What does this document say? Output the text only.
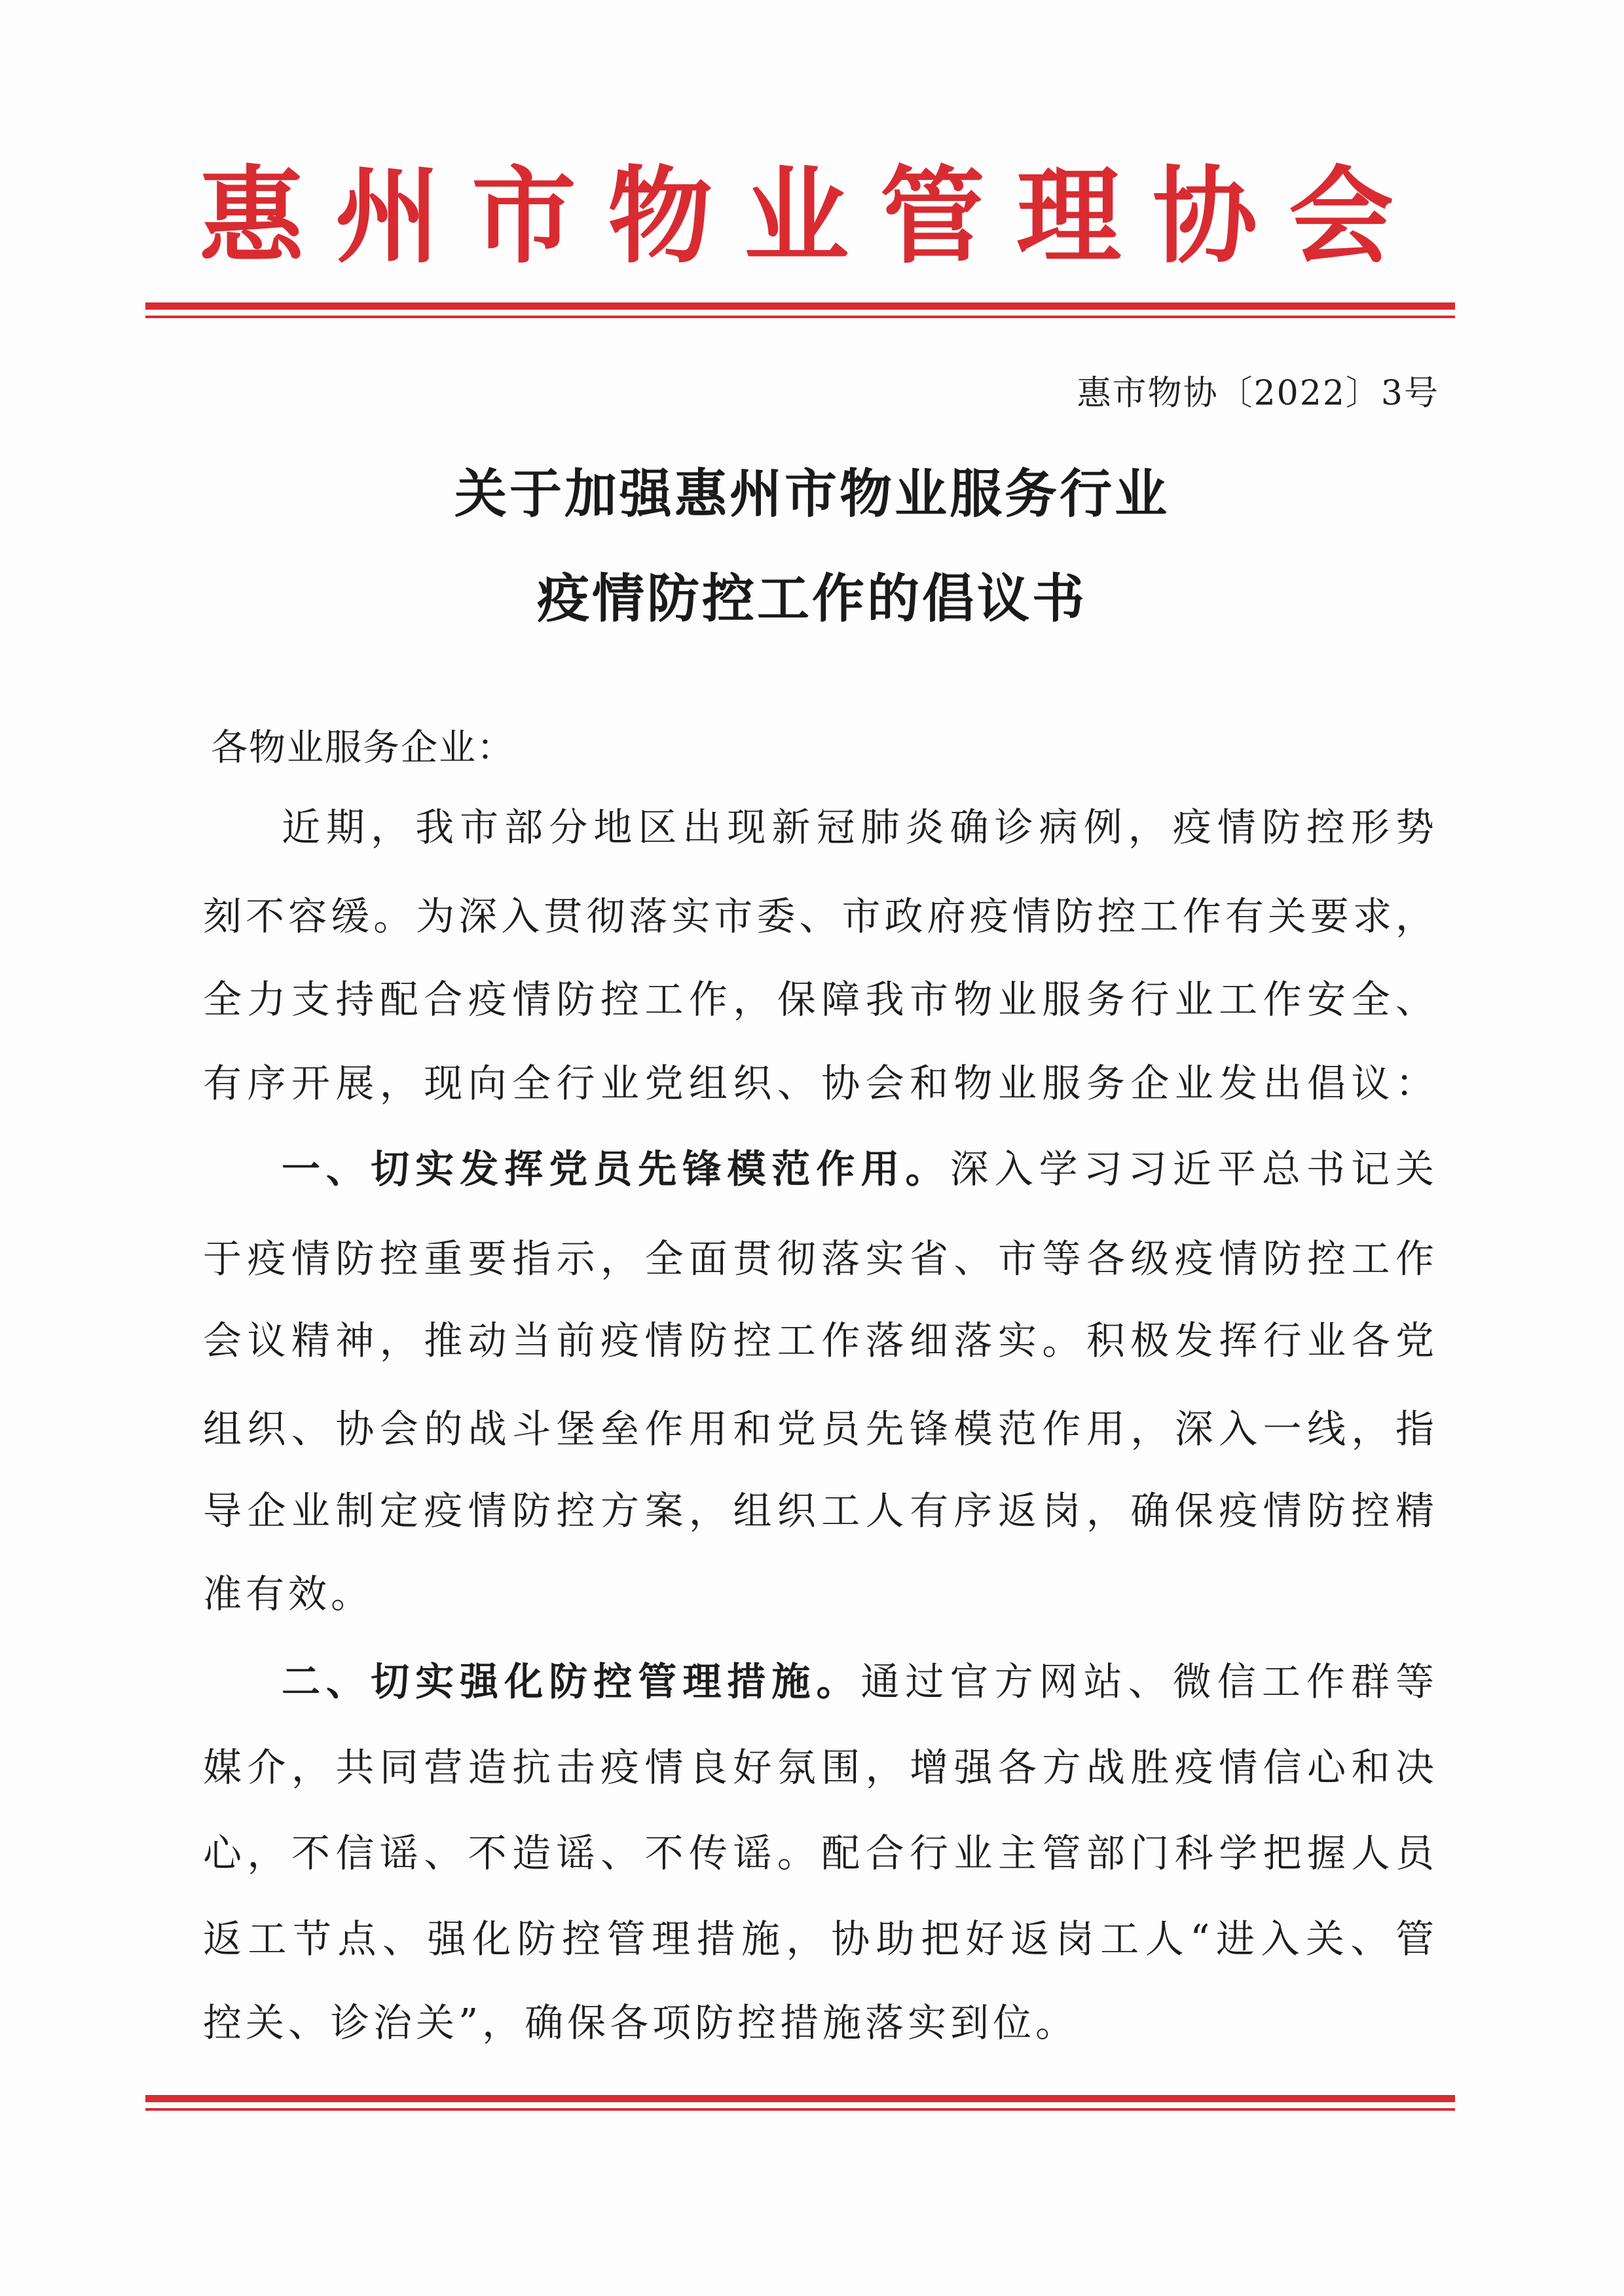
惠州市物业管理协会
惠市物协〔2022〕3号
关于加强惠州市物业服务行业
疫情防控工作的倡议书
各物业服务企业：
近期，我市部分地区出现新冠肺炎确诊病例，疫情防控形势
刻不容缓。为深入贯彻落实市委、市政府疫情防控工作有关要求，
全力支持配合疫情防控工作，保障我市物业服务行业工作安全、
有序开展，现向全行业党组织、协会和物业服务企业发出倡议：
一、切实发挥党员先锋模范作用。深入学习习近平总书记关
于疫情防控重要指示，全面贯彻落实省、市等各级疫情防控工作
会议精神，推动当前疫情防控工作落细落实。积极发挥行业各党
组织、协会的战斗堡垒作用和党员先锋模范作用，深入一线，指
导企业制定疫情防控方案，组织工人有序返岗，确保疫情防控精
准有效。
二、切实强化防控管理措施。通过官方网站、微信工作群等
媒介，共同营造抗击疫情良好氛围，增强各方战胜疫情信心和决
心，不信谣、不造谣、不传谣。配合行业主管部门科学把握人员
返工节点、强化防控管理措施，协助把好返岗工人“进入关、管
控关、诊治关”，确保各项防控措施落实到位。
